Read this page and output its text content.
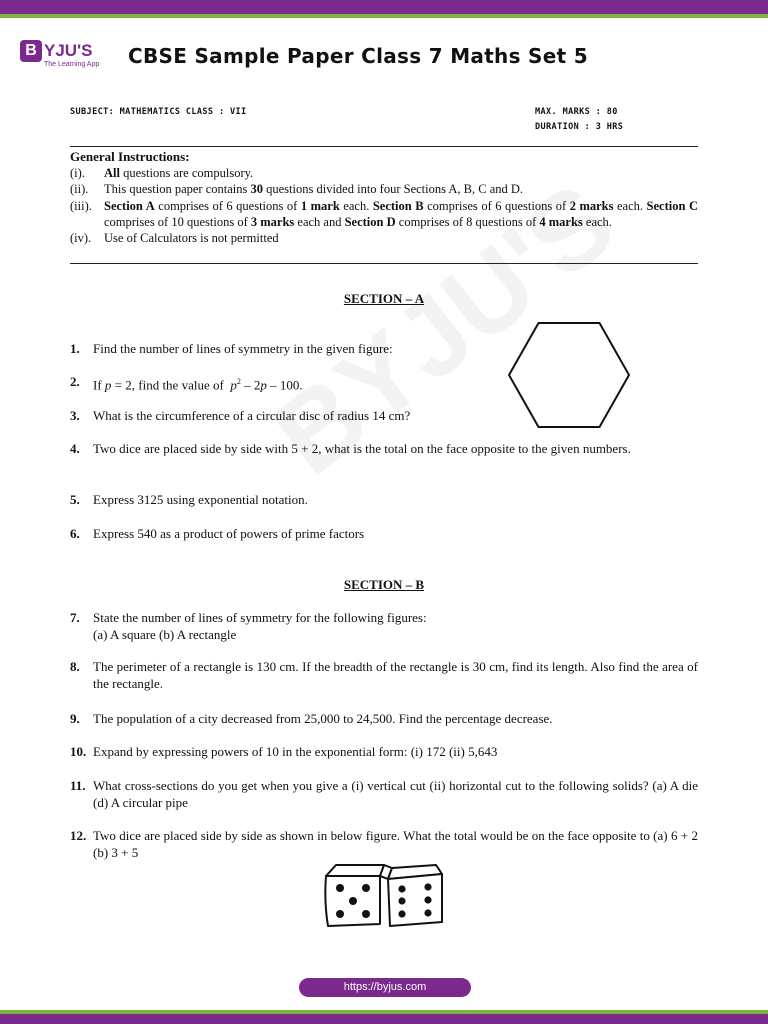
B YJU'S
The Learning App CBSE Sample Paper Class 7 Maths Set 5
SUBJECT: MATHEMATICS CLASS : VII	MAX. MARKS : 80
DURATION : 3 HRS
General Instructions:
(i).	All questions are compulsory.
(ii).	This question paper contains 30 questions divided into four Sections A, B, C and D.
(iii). Section A comprises of 6 questions of 1 mark each. Section B comprises of 6 questions of 2 marks each. Section C comprises of 10 questions of 3 marks each and Section D comprises of 8 questions of 4 marks each.
(iv).	Use of Calculators is not permitted
SECTION – A
1.	Find the number of lines of symmetry in the given figure:
2.	If p = 2, find the value of  $p^2 - 2p - 100$.
3.	What is the circumference of a circular disc of radius 14 cm?
4.	Two dice are placed side by side with 5 + 2, what is the total on the face opposite to the given numbers.
5.	Express 3125 using exponential notation.
6.	Express 540 as a product of powers of prime factors
SECTION – B
7.	State the number of lines of symmetry for the following figures:
(a) A square (b) A rectangle
8.	The perimeter of a rectangle is 130 cm. If the breadth of the rectangle is 30 cm, find its length. Also find the area of the rectangle.
9.	The population of a city decreased from 25,000 to 24,500. Find the percentage decrease.
10. Expand by expressing powers of 10 in the exponential form: (i) 172 (ii) 5,643
11. What cross-sections do you get when you give a (i) vertical cut (ii) horizontal cut to the following solids? (a) A die (d) A circular pipe
12. Two dice are placed side by side as shown in below figure. What the total would be on the face opposite to (a) 6 + 2 (b) 3 + 5
https://byjus.com
